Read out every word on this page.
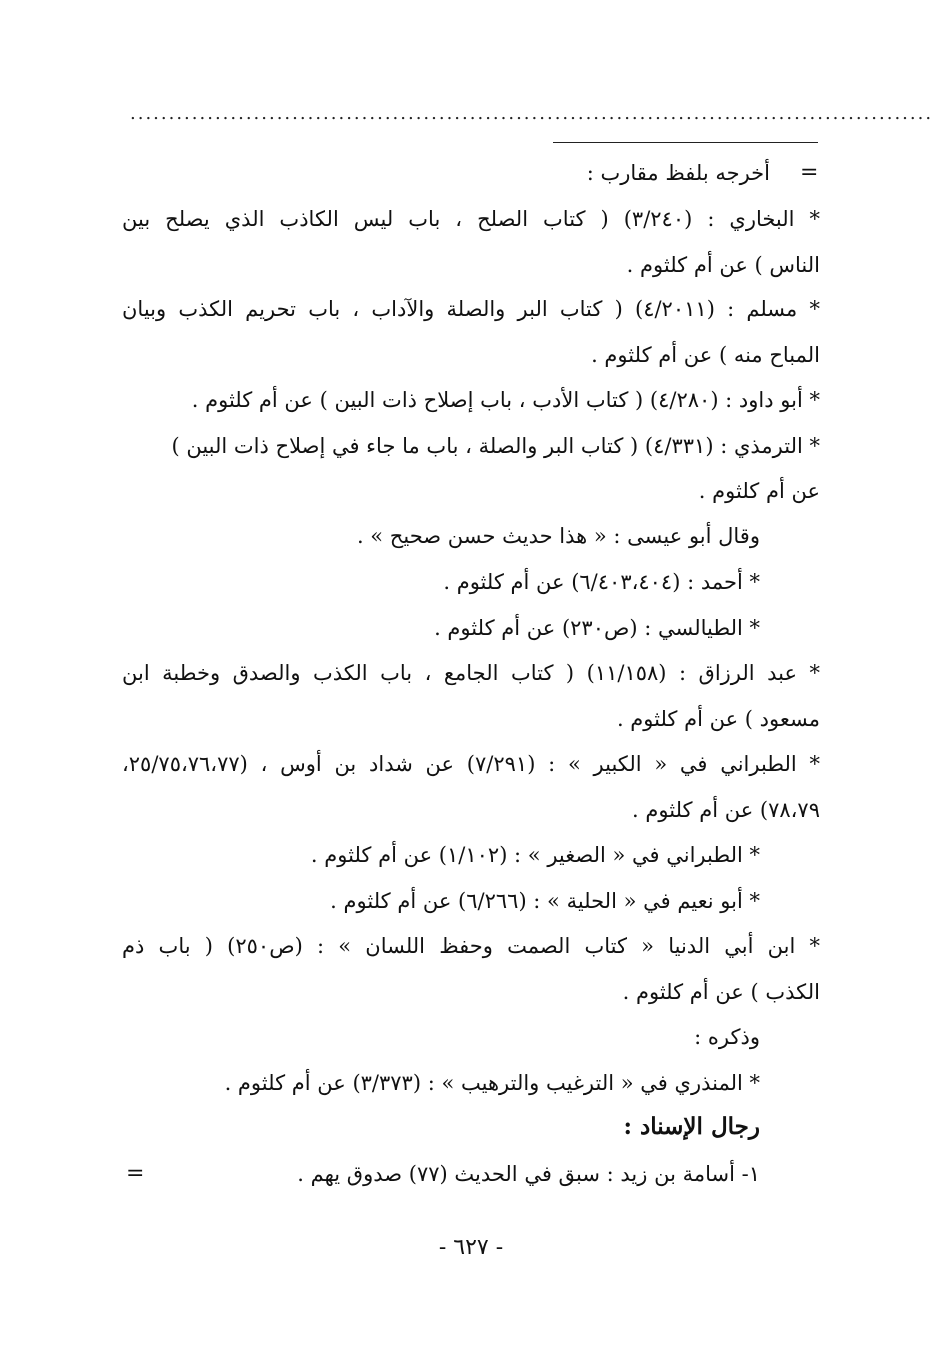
........................................................................................................
=
أخرجه بلفظ مقارب :
* البخاري : (٣/٢٤٠) ( كتاب الصلح ، باب ليس الكاذب الذي يصلح بين
الناس ) عن أم كلثوم .
* مسلم : (٤/٢٠١١) ( كتاب البر والصلة والآداب ، باب تحريم الكذب وبيان
المباح منه ) عن أم كلثوم .
* أبو داود : (٤/٢٨٠) ( كتاب الأدب ، باب إصلاح ذات البين ) عن أم كلثوم .
* الترمذي : (٤/٣٣١) ( كتاب البر والصلة ، باب ما جاء في إصلاح ذات البين )
عن أم كلثوم .
وقال أبو عيسى : « هذا حديث حسن صحيح » .
* أحمد : (٦/٤٠٣،٤٠٤) عن أم كلثوم .
* الطيالسي : (ص٢٣٠) عن أم كلثوم .
* عبد الرزاق : (١١/١٥٨) ( كتاب الجامع ، باب الكذب والصدق وخطبة ابن
مسعود ) عن أم كلثوم .
* الطبراني في « الكبير » : (٧/٢٩١) عن شداد بن أوس ، (٢٥/٧٥،٧٦،٧٧،
٧٨،٧٩) عن أم كلثوم .
* الطبراني في « الصغير » : (١/١٠٢) عن أم كلثوم .
* أبو نعيم في « الحلية » : (٦/٢٦٦) عن أم كلثوم .
* ابن أبي الدنيا « كتاب الصمت وحفظ اللسان » : (ص٢٥٠) ( باب ذم
الكذب ) عن أم كلثوم .
وذكره :
* المنذري في « الترغيب والترهيب » : (٣/٣٧٣) عن أم كلثوم .
رجال الإسناد :
١- أسامة بن زيد : سبق في الحديث (٧٧) صدوق يهم .
=
- ٦٢٧ -
